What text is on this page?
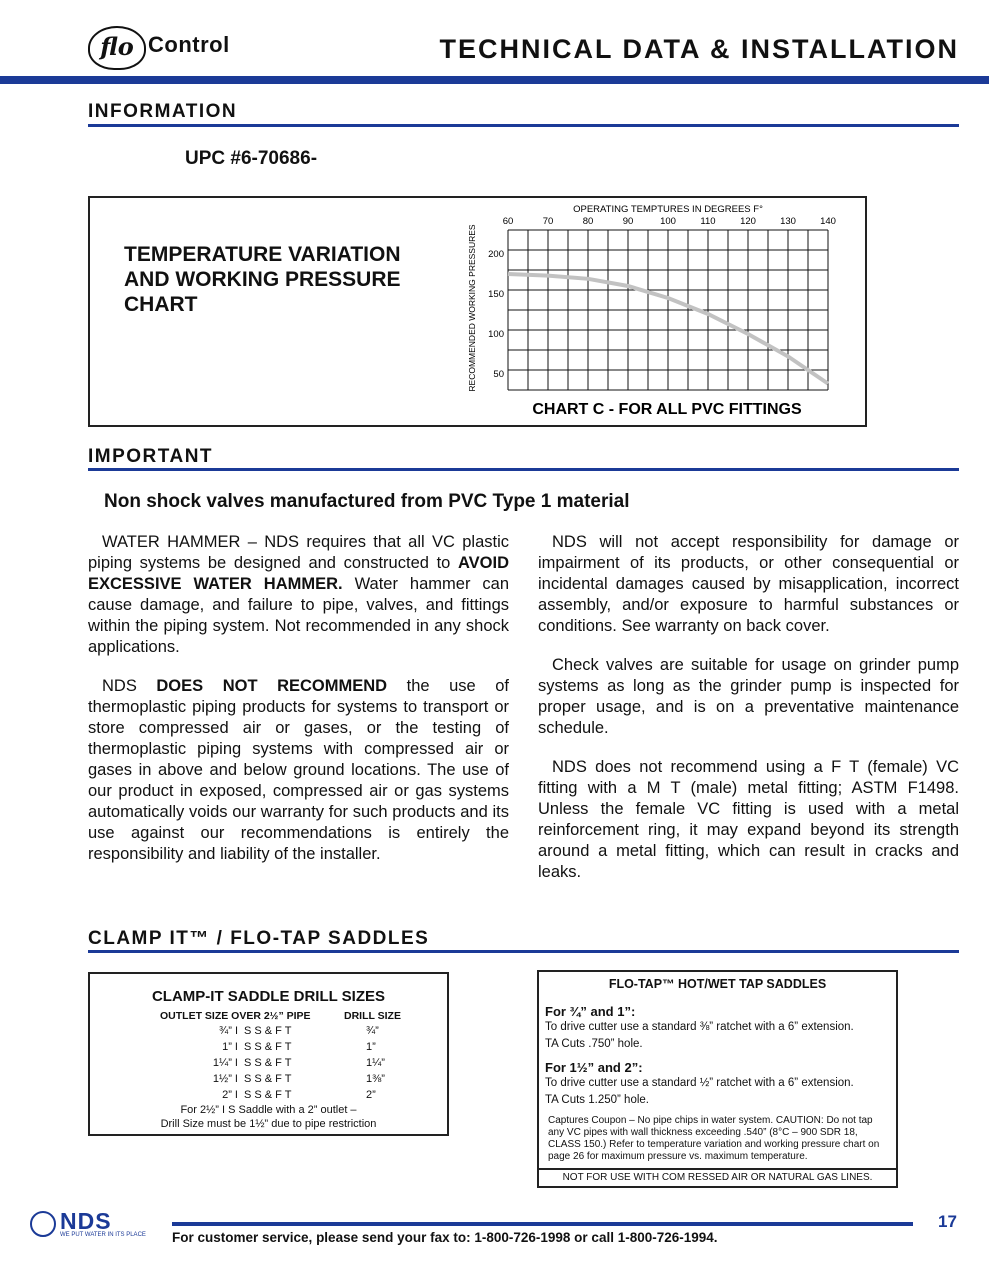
flo Control	TECHNICAL DATA & INSTALLATION
INFORMATION
UPC #6-70686-
TEMPERATURE VARIATION
AND WORKING PRESSURE
CHART
OPERATING TEMPTURES IN DEGREES F°
60	70	80	90	100	110	120	130	140
50
100
150
200
RECOMMENDED WORKING PRESSURES
CHART C - FOR ALL PVC FITTINGS
IMPORTANT
Non shock valves manufactured from PVC Type 1 material

WATER HAMMER – NDS requires that all VC plastic piping systems be designed and constructed to AVOID EXCESSIVE WATER HAMMER. Water hammer can cause damage, and failure to pipe, valves, and fittings within the piping system. Not recommended in any shock applications.

NDS DOES NOT RECOMMEND the use of thermoplastic piping products for systems to transport or store compressed air or gases, or the testing of thermoplastic piping systems with compressed air or gases in above and below ground locations. The use of our product in exposed, compressed air or gas systems automatically voids our warranty for such products and its use against our recommendations is entirely the responsibility and liability of the installer.

NDS will not accept responsibility for damage or impairment of its products, or other consequential or incidental damages caused by misapplication, incorrect assembly, and/or exposure to harmful substances or conditions. See warranty on back cover.

Check valves are suitable for usage on grinder pump systems as long as the grinder pump is inspected for proper usage, and is on a preventative maintenance schedule.

NDS does not recommend using a F T (female) VC fitting with a M T (male) metal fitting; ASTM F1498. Unless the female VC fitting is used with a metal reinforcement ring, it may expand beyond its strength around a metal fitting, which can result in cracks and leaks.

CLAMP IT™ / FLO-TAP SADDLES
CLAMP-IT SADDLE DRILL SIZES
OUTLET SIZE OVER 2½” PIPE	DRILL SIZE
¾” I S S & F T	¾”
1” I S S & F T	1”
1¼” I S S & F T	1¼”
1½” I S S & F T	1⅜”
2” I S S & F T	2”
For 2½” I S Saddle with a 2” outlet –
Drill Size must be 1½” due to pipe restriction
FLO-TAP™ HOT/WET TAP SADDLES
For ¾” and 1”:
To drive cutter use a standard ⅜” ratchet with a 6” extension.
TA Cuts .750” hole.
For 1½” and 2”:
To drive cutter use a standard ½” ratchet with a 6” extension.
TA Cuts 1.250” hole.
Captures Coupon – No pipe chips in water system. CAUTION: Do not tap any VC pipes with wall thickness exceeding .540” (8°C – 900 SDR 18, CLASS 150.) Refer to temperature variation and working pressure chart on page 26 for maximum pressure vs. maximum temperature.
NOT FOR USE WITH COM RESSED AIR OR NATURAL GAS LINES.
NDS
WE PUT WATER IN ITS PLACE
17
For customer service, please send your fax to: 1-800-726-1998 or call 1-800-726-1994.
